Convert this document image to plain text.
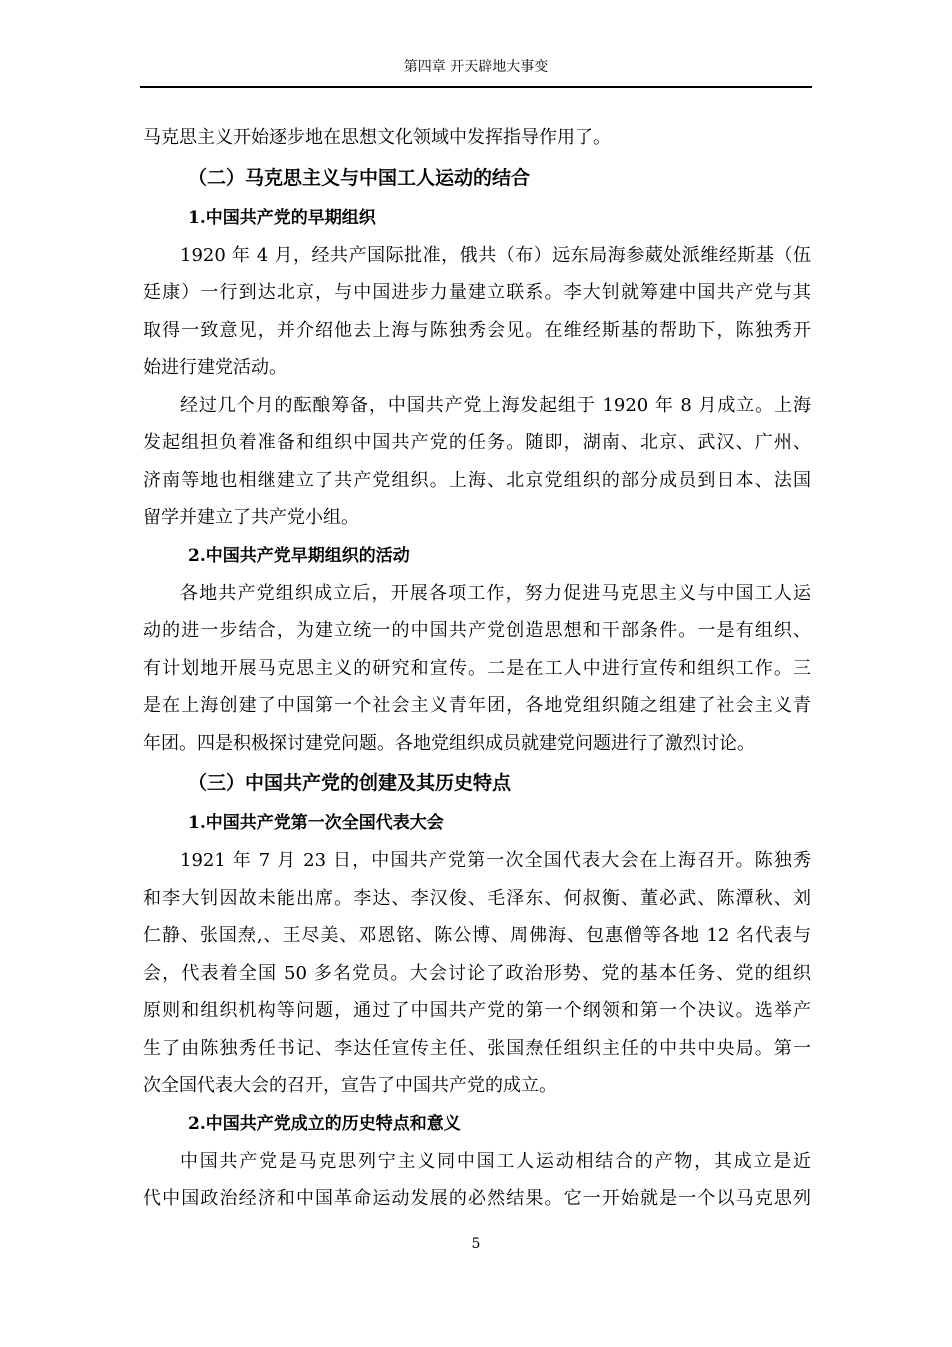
第四章 开天辟地大事变
马克思主义开始逐步地在思想文化领域中发挥指导作用了。
（二）马克思主义与中国工人运动的结合
1.中国共产党的早期组织
1920 年 4 月，经共产国际批准，俄共（布）远东局海参葳处派维经斯基（伍
廷康）一行到达北京，与中国进步力量建立联系。李大钊就筹建中国共产党与其
取得一致意见，并介绍他去上海与陈独秀会见。在维经斯基的帮助下，陈独秀开
始进行建党活动。
经过几个月的酝酿筹备，中国共产党上海发起组于 1920 年 8 月成立。上海
发起组担负着准备和组织中国共产党的任务。随即，湖南、北京、武汉、广州、
济南等地也相继建立了共产党组织。上海、北京党组织的部分成员到日本、法国
留学并建立了共产党小组。
2.中国共产党早期组织的活动
各地共产党组织成立后，开展各项工作，努力促进马克思主义与中国工人运
动的进一步结合，为建立统一的中国共产党创造思想和干部条件。一是有组织、
有计划地开展马克思主义的研究和宣传。二是在工人中进行宣传和组织工作。三
是在上海创建了中国第一个社会主义青年团，各地党组织随之组建了社会主义青
年团。四是积极探讨建党问题。各地党组织成员就建党问题进行了激烈讨论。
（三）中国共产党的创建及其历史特点
1.中国共产党第一次全国代表大会
1921 年 7 月 23 日，中国共产党第一次全国代表大会在上海召开。陈独秀
和李大钊因故未能出席。李达、李汉俊、毛泽东、何叔衡、董必武、陈潭秋、刘
仁静、张国焘,、王尽美、邓恩铭、陈公博、周佛海、包惠僧等各地 12 名代表与
会，代表着全国 50 多名党员。大会讨论了政治形势、党的基本任务、党的组织
原则和组织机构等问题，通过了中国共产党的第一个纲领和第一个决议。选举产
生了由陈独秀任书记、李达任宣传主任、张国焘任组织主任的中共中央局。第一
次全国代表大会的召开，宣告了中国共产党的成立。
2.中国共产党成立的历史特点和意义
中国共产党是马克思列宁主义同中国工人运动相结合的产物，其成立是近
代中国政治经济和中国革命运动发展的必然结果。它一开始就是一个以马克思列
5
